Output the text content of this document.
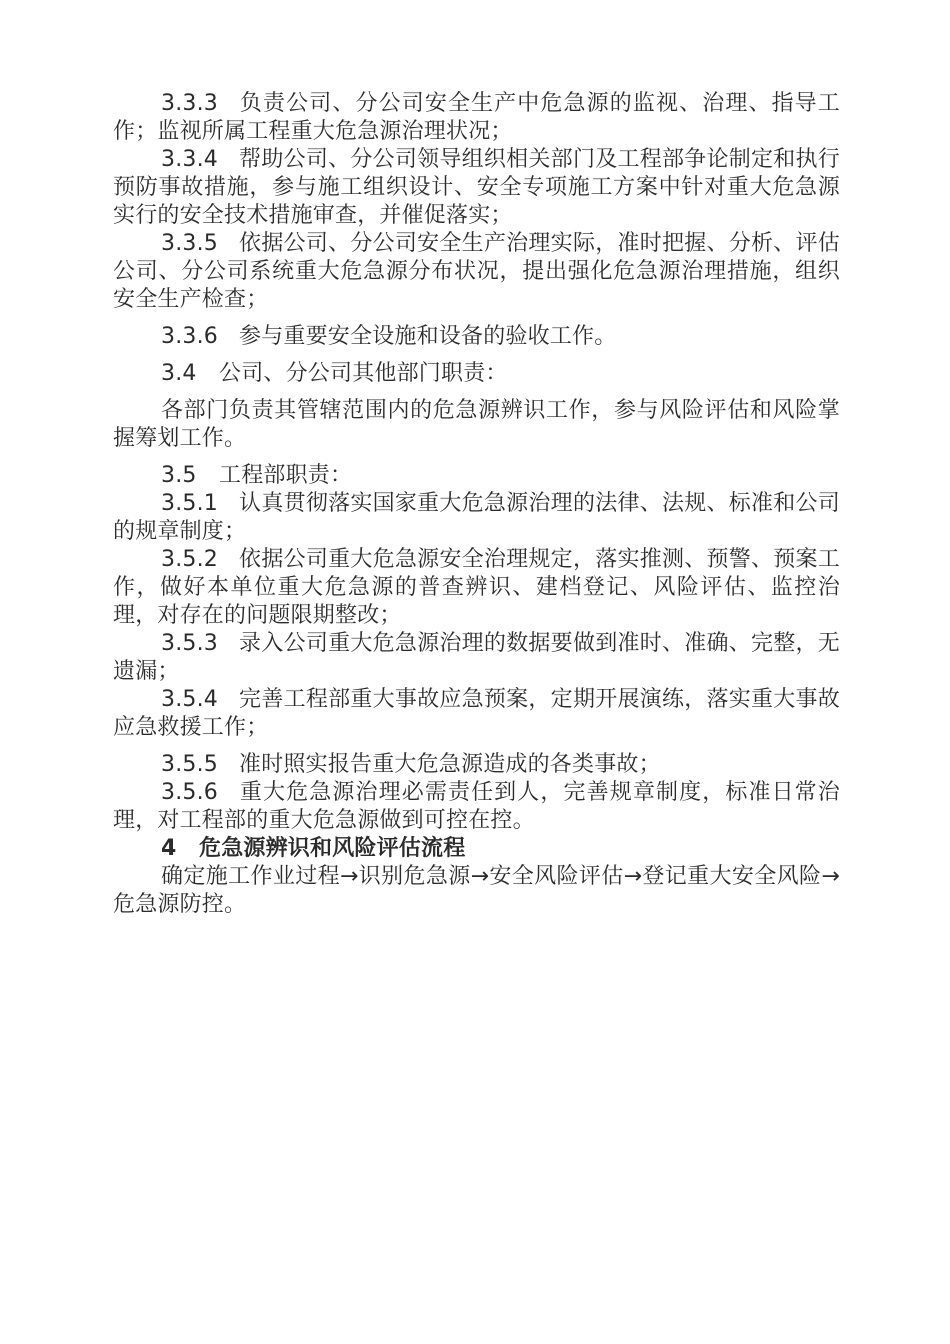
3.3.3 负责公司、分公司安全生产中危急源的监视、治理、指导工作；监视所属工程重大危急源治理状况；

3.3.4 帮助公司、分公司领导组织相关部门及工程部争论制定和执行预防事故措施，参与施工组织设计、安全专项施工方案中针对重大危急源实行的安全技术措施审查，并催促落实；

3.3.5 依据公司、分公司安全生产治理实际，准时把握、分析、评估公司、分公司系统重大危急源分布状况，提出强化危急源治理措施，组织安全生产检查；

3.3.6 参与重要安全设施和设备的验收工作。

3.4 公司、分公司其他部门职责：

各部门负责其管辖范围内的危急源辨识工作，参与风险评估和风险掌握筹划工作。

3.5 工程部职责：

3.5.1 认真贯彻落实国家重大危急源治理的法律、法规、标准和公司的规章制度；

3.5.2 依据公司重大危急源安全治理规定，落实推测、预警、预案工作，做好本单位重大危急源的普查辨识、建档登记、风险评估、监控治理，对存在的问题限期整改；

3.5.3 录入公司重大危急源治理的数据要做到准时、准确、完整，无遗漏；

3.5.4 完善工程部重大事故应急预案，定期开展演练，落实重大事故应急救援工作；

3.5.5 准时照实报告重大危急源造成的各类事故；

3.5.6 重大危急源治理必需责任到人，完善规章制度，标准日常治理，对工程部的重大危急源做到可控在控。

4 危急源辨识和风险评估流程

确定施工作业过程→识别危急源→安全风险评估→登记重大安全风险→危急源防控。
